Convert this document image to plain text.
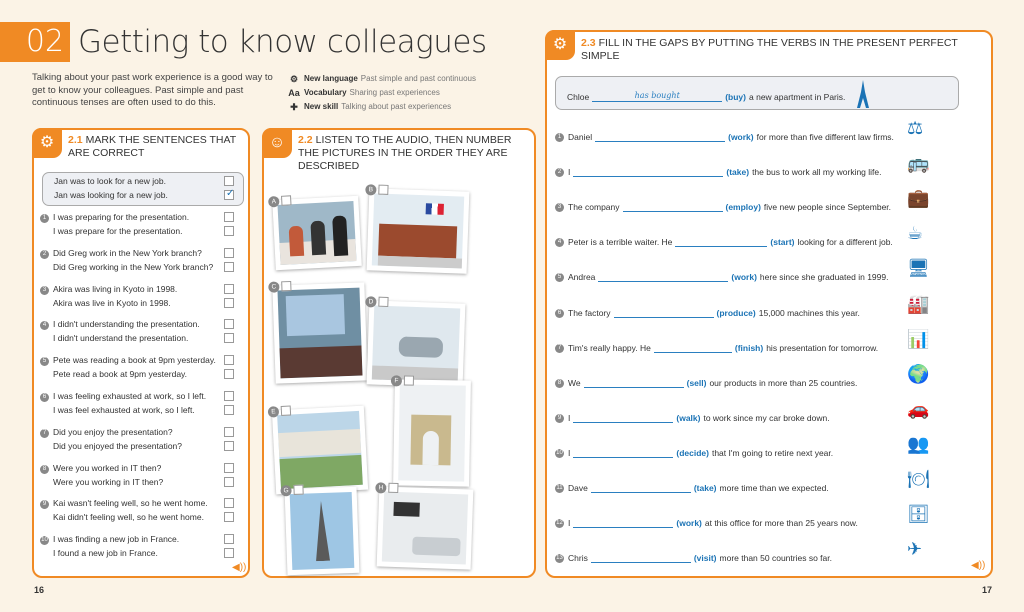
02 Getting to know colleagues
Talking about your past work experience is a good way to get to know your colleagues. Past simple and past continuous tenses are often used to do this.
⚙ New language Past simple and past continuous
Aa Vocabulary Sharing past experiences
✚ New skill Talking about past experiences
⚙	2.1 MARK THE SENTENCES THAT ARE CORRECT
Jan was to look for a new job.
Jan was looking for a new job.
✓
1 I was preparing for the presentation.
I was prepare for the presentation.
2 Did Greg work in the New York branch?
Did Greg working in the New York branch?
3 Akira was living in Kyoto in 1998.
Akira was live in Kyoto in 1998.
4 I didn't understanding the presentation.
I didn't understand the presentation.
5 Pete was reading a book at 9pm yesterday.
Pete read a book at 9pm yesterday.
6 I was feeling exhausted at work, so I left.
I was feel exhausted at work, so I left.
7 Did you enjoy the presentation?
Did you enjoyed the presentation?
8 Were you worked in IT then?
Were you working in IT then?
9 Kai wasn't feeling well, so he went home.
Kai didn't feeling well, so he went home.
10 I was finding a new job in France.
I found a new job in France.
◀))
☺	2.2 LISTEN TO THE AUDIO, THEN NUMBER THE PICTURES IN THE ORDER THEY ARE DESCRIBED
A
B
C
D
E
F
G	H
⚙	2.3 FILL IN THE GAPS BY PUTTING THE VERBS IN THE PRESENT PERFECT SIMPLE
Chloe	has bought	(buy) a new apartment in Paris.
1 Daniel	(work) for more than five different law firms. ⚖
2 I	(take) the bus to work all my working life. 🚌
3 The company	(employ) five new people since September. 💼
4 Peter is a terrible waiter. He	(start) looking for a different job. ☕
5 Andrea	(work) here since she graduated in 1999. 🖥
6 The factory	(produce) 15,000 machines this year.	🏭
7 Tim's really happy. He	(finish) his presentation for tomorrow. 📊
8 We	(sell) our products in more than 25 countries.	🌍
9 I	(walk) to work since my car broke down.	🚗
10 I	(decide) that I'm going to retire next year.	👥
11 Dave	(take) more time than we expected.	🍽
12 I	(work) at this office for more than 25 years now.	🗄
13 Chris	(visit) more than 50 countries so far.	✈
◀))
16	17
